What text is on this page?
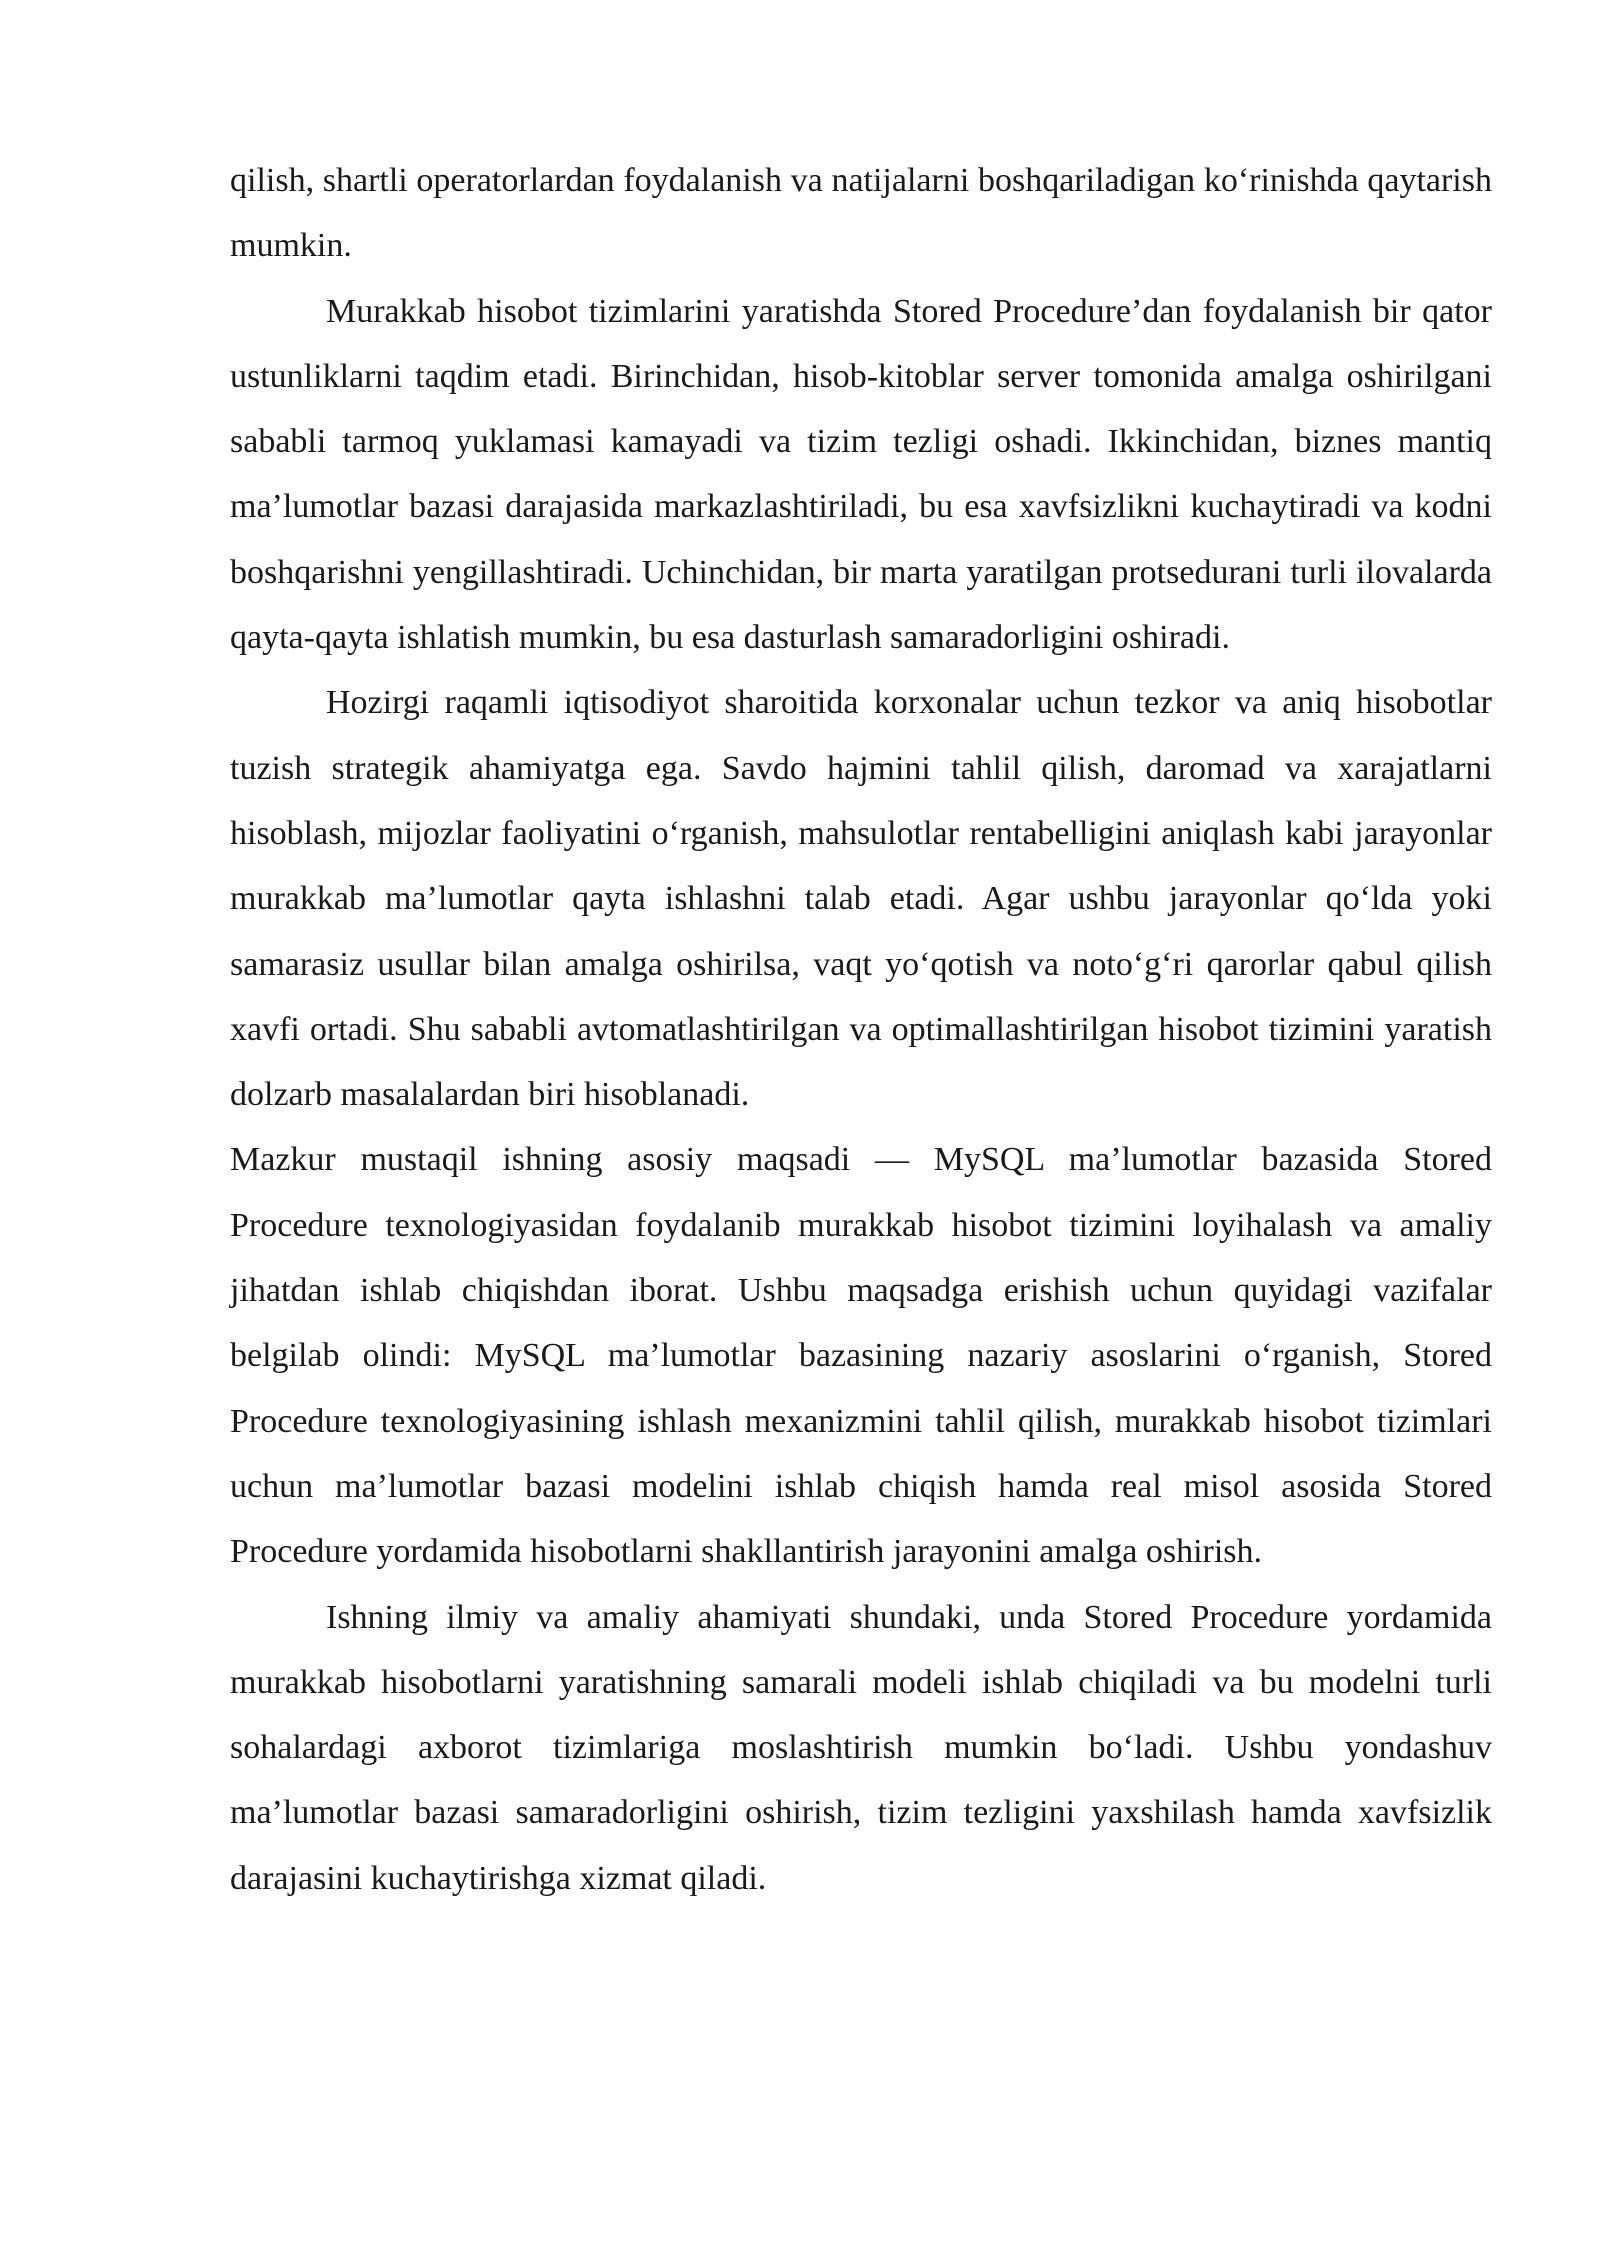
qilish, shartli operatorlardan foydalanish va natijalarni boshqariladigan ko‘rinishda qaytarish mumkin.

Murakkab hisobot tizimlarini yaratishda Stored Procedure’dan foydalanish bir qator ustunliklarni taqdim etadi. Birinchidan, hisob-kitoblar server tomonida amalga oshirilgani sababli tarmoq yuklamasi kamayadi va tizim tezligi oshadi. Ikkinchidan, biznes mantiq ma’lumotlar bazasi darajasida markazlashtiriladi, bu esa xavfsizlikni kuchaytiradi va kodni boshqarishni yengillashtiradi. Uchinchidan, bir marta yaratilgan protsedurani turli ilovalarda qayta-qayta ishlatish mumkin, bu esa dasturlash samaradorligini oshiradi.

Hozirgi raqamli iqtisodiyot sharoitida korxonalar uchun tezkor va aniq hisobotlar tuzish strategik ahamiyatga ega. Savdo hajmini tahlil qilish, daromad va xarajatlarni hisoblash, mijozlar faoliyatini o‘rganish, mahsulotlar rentabelligini aniqlash kabi jarayonlar murakkab ma’lumotlar qayta ishlashni talab etadi. Agar ushbu jarayonlar qo‘lda yoki samarasiz usullar bilan amalga oshirilsa, vaqt yo‘qotish va noto‘g‘ri qarorlar qabul qilish xavfi ortadi. Shu sababli avtomatlashtirilgan va optimallashtirilgan hisobot tizimini yaratish dolzarb masalalardan biri hisoblanadi.

Mazkur mustaqil ishning asosiy maqsadi — MySQL ma’lumotlar bazasida Stored Procedure texnologiyasidan foydalanib murakkab hisobot tizimini loyihalash va amaliy jihatdan ishlab chiqishdan iborat. Ushbu maqsadga erishish uchun quyidagi vazifalar belgilab olindi: MySQL ma’lumotlar bazasining nazariy asoslarini o‘rganish, Stored Procedure texnologiyasining ishlash mexanizmini tahlil qilish, murakkab hisobot tizimlari uchun ma’lumotlar bazasi modelini ishlab chiqish hamda real misol asosida Stored Procedure yordamida hisobotlarni shakllantirish jarayonini amalga oshirish.

Ishning ilmiy va amaliy ahamiyati shundaki, unda Stored Procedure yordamida murakkab hisobotlarni yaratishning samarali modeli ishlab chiqiladi va bu modelni turli sohalardagi axborot tizimlariga moslashtirish mumkin bo‘ladi. Ushbu yondashuv ma’lumotlar bazasi samaradorligini oshirish, tizim tezligini yaxshilash hamda xavfsizlik darajasini kuchaytirishga xizmat qiladi.
